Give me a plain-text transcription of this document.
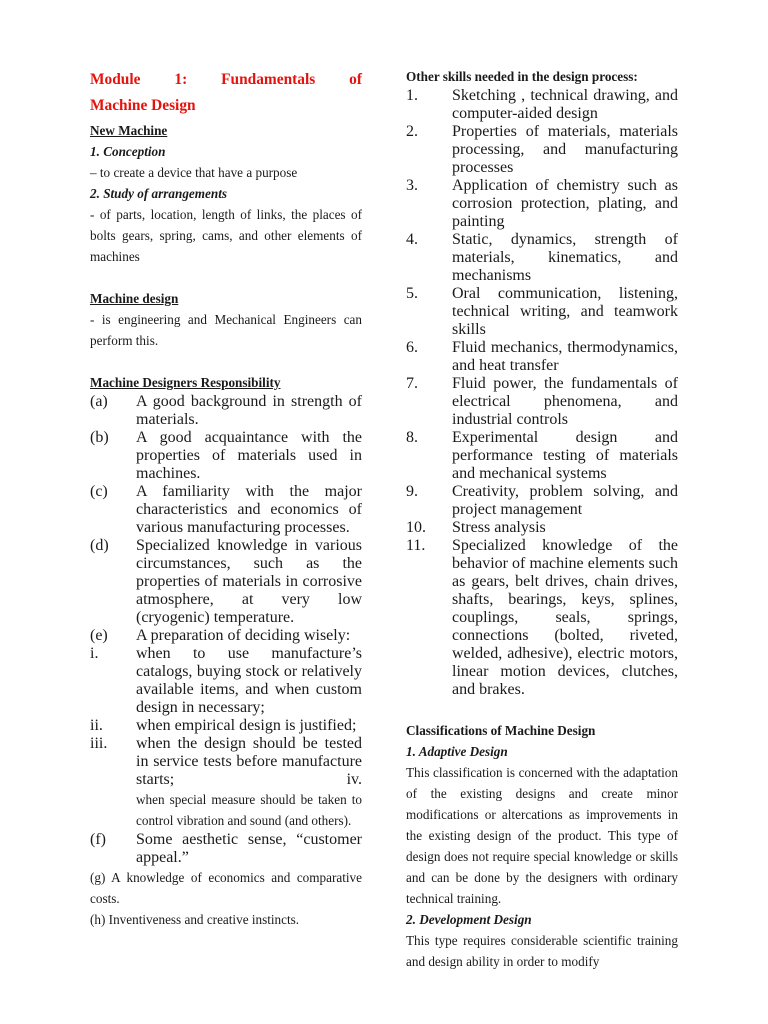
Module 1: Fundamentals of

Machine Design

New Machine

1. Conception

– to create a device that have a purpose

2. Study of arrangements

- of parts, location, length of links, the places of bolts gears, spring, cams, and other elements of machines

Machine design

- is engineering and Mechanical Engineers can perform this.

Machine Designers Responsibility

(a)	A good background in strength of materials.
(b)	A good acquaintance with the properties of materials used in machines.
(c)	A familiarity with the major characteristics and economics of various manufacturing processes.
(d)	Specialized knowledge in various circumstances, such as the properties of materials in corrosive atmosphere, at very low (cryogenic) temperature.
(e)	A preparation of deciding wisely:
i.	when to use manufacture’s catalogs, buying stock or relatively available items, and when custom design in necessary;
ii.	when empirical design is justified;
iii.	when the design should be tested in service tests before manufacture starts; iv.

when special measure should be taken to control vibration and sound (and others).

(f)	Some aesthetic sense, “customer appeal.”

(g) A knowledge of economics and comparative costs.

(h) Inventiveness and creative instincts.

Other skills needed in the design process:

1.	Sketching , technical drawing, and computer-aided design
2.	Properties of materials, materials processing, and manufacturing processes
3.	Application of chemistry such as corrosion protection, plating, and painting
4.	Static, dynamics, strength of materials, kinematics, and mechanisms
5.	Oral communication, listening, technical writing, and teamwork skills
6.	Fluid mechanics, thermodynamics, and heat transfer
7.	Fluid power, the fundamentals of electrical phenomena, and industrial controls
8.	Experimental design and performance testing of materials and mechanical systems
9.	Creativity, problem solving, and project management
10.	Stress analysis
11.	Specialized knowledge of the behavior of machine elements such as gears, belt drives, chain drives, shafts, bearings, keys, splines, couplings, seals, springs, connections (bolted, riveted, welded, adhesive), electric motors, linear motion devices, clutches, and brakes.

Classifications of Machine Design

1. Adaptive Design

This classification is concerned with the adaptation of the existing designs and create minor modifications or altercations as improvements in the existing design of the product. This type of design does not require special knowledge or skills and can be done by the designers with ordinary technical training.

2. Development Design

This type requires considerable scientific training and design ability in order to modify
